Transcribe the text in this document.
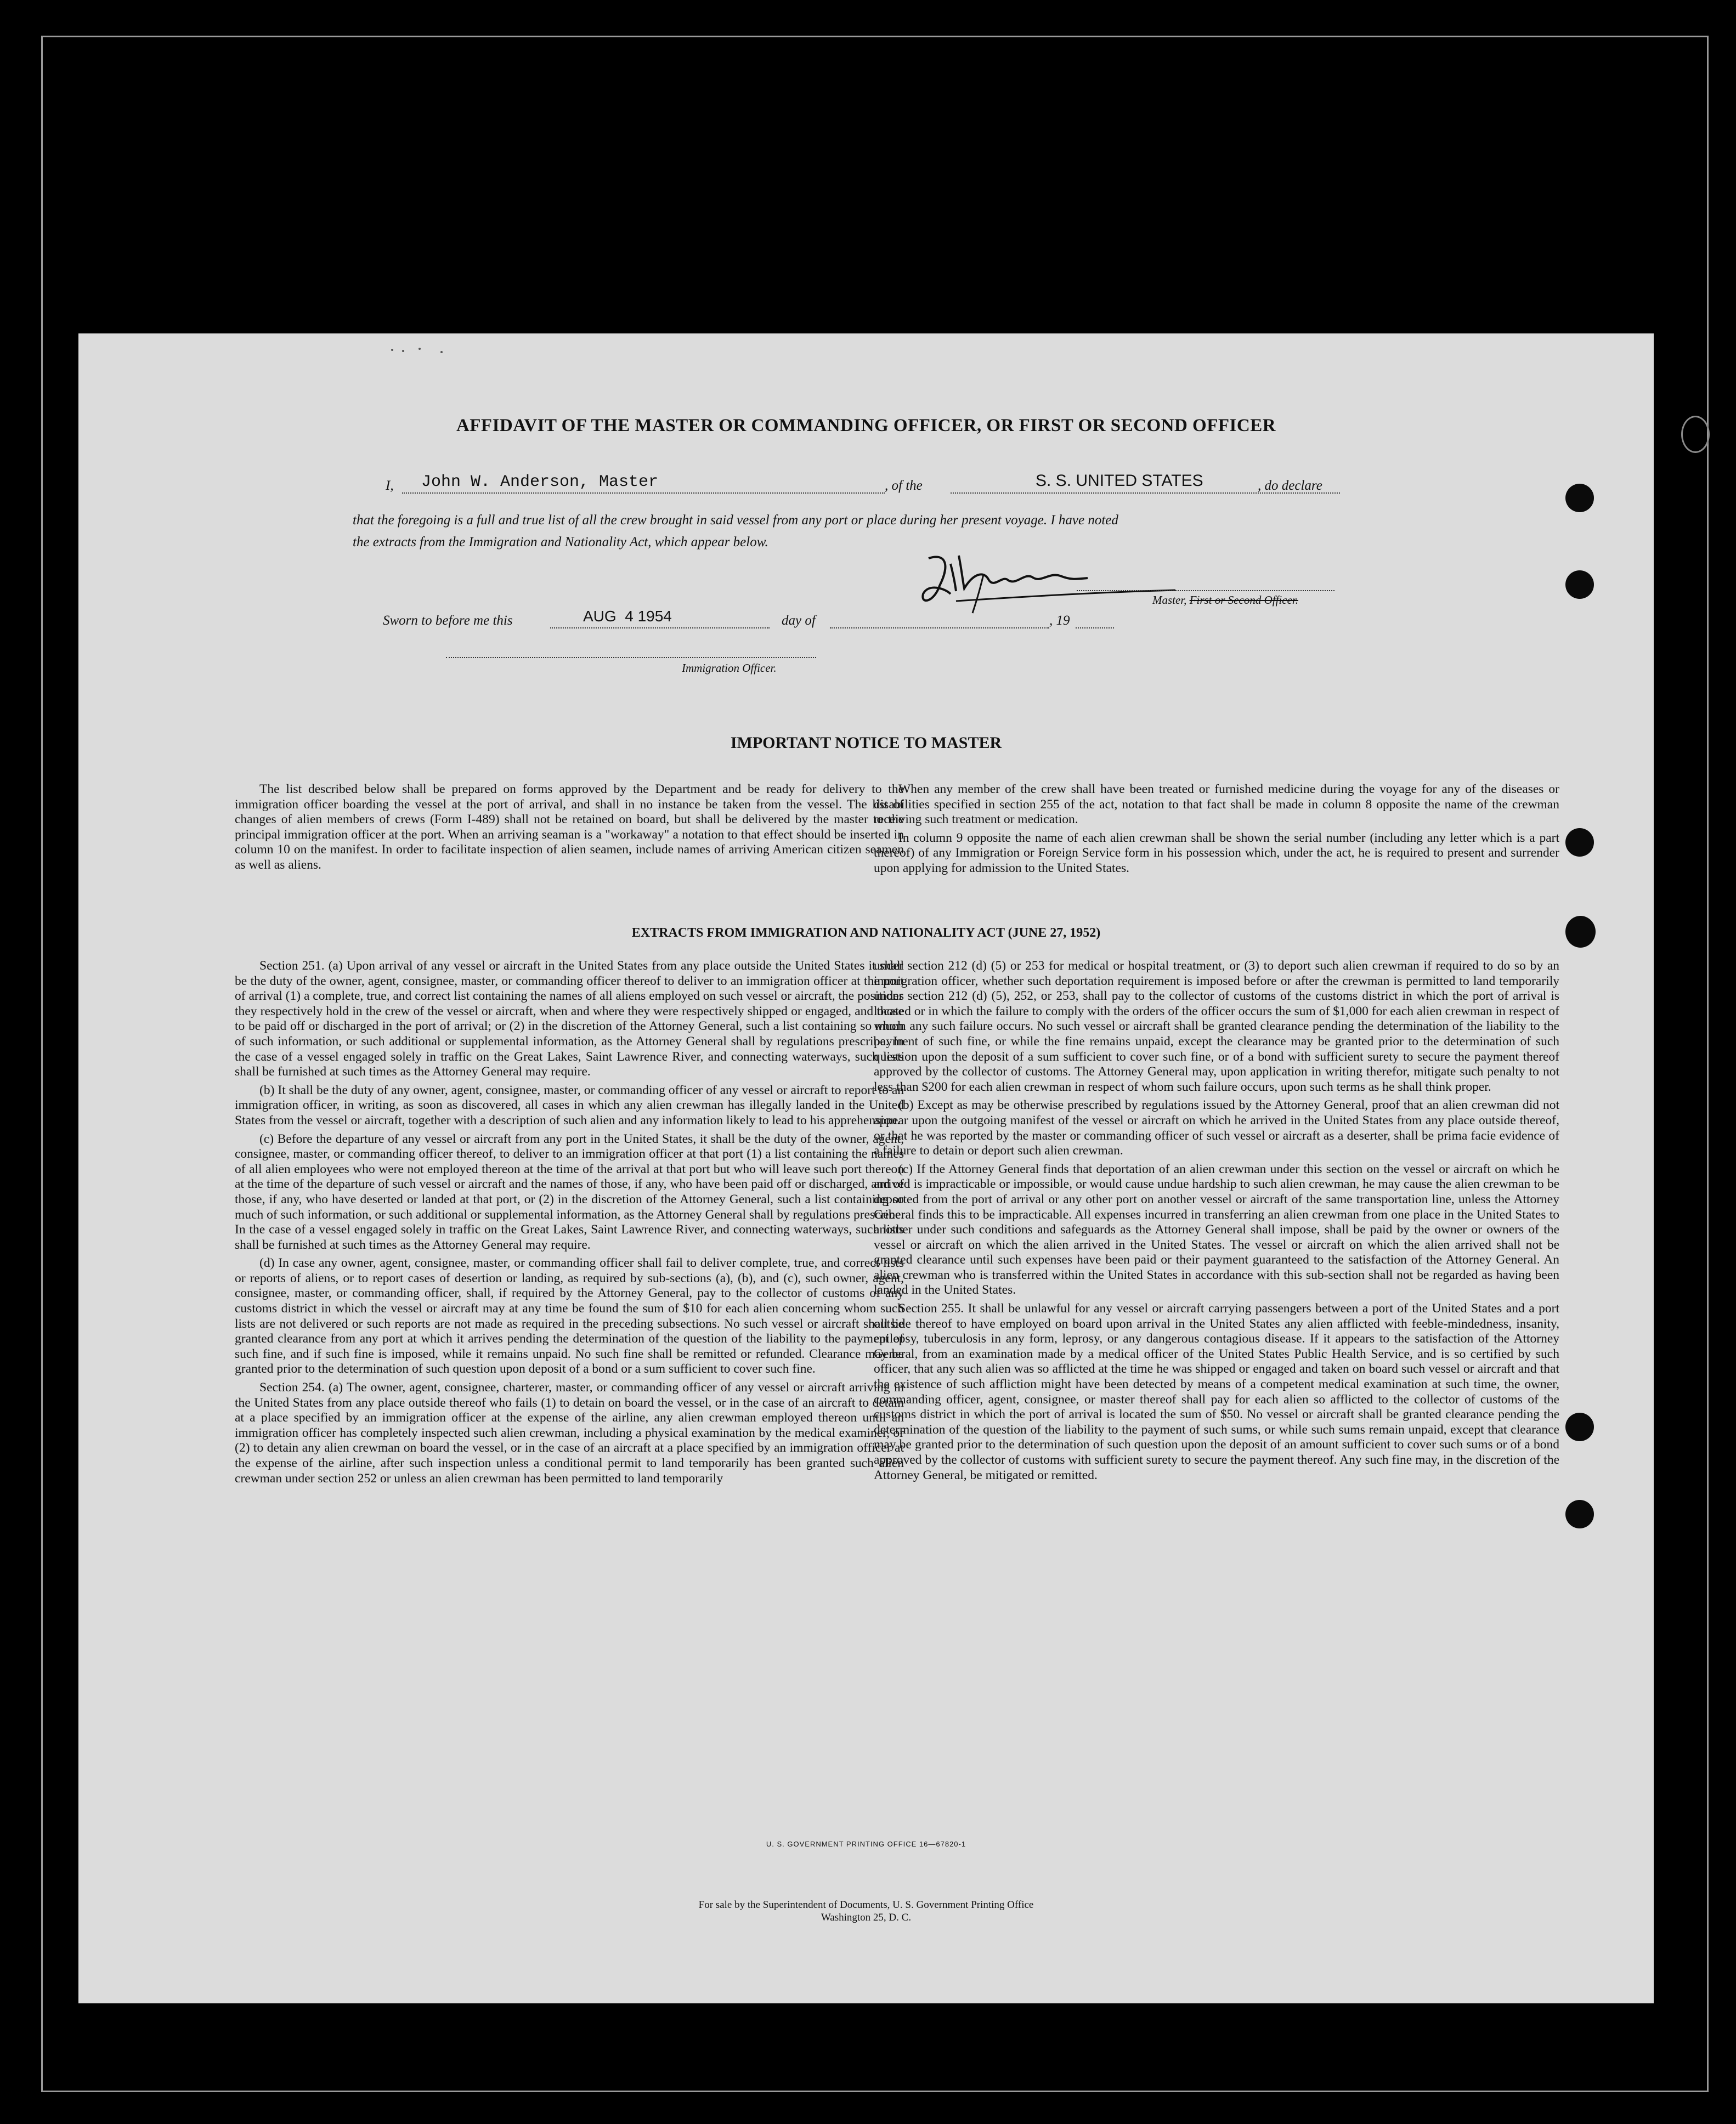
AFFIDAVIT OF THE MASTER OR COMMANDING OFFICER, OR FIRST OR SECOND OFFICER
I, John W. Anderson, Master	, of the	S. S. UNITED STATES	, do declare
that the foregoing is a full and true list of all the crew brought in said vessel from any port or place during her present voyage. I have noted
the extracts from the Immigration and Nationality Act, which appear below.
Master, First or Second Officer.
Sworn to before me this	AUG  4 1954	day of	, 19
Immigration Officer.
IMPORTANT NOTICE TO MASTER

The list described below shall be prepared on forms approved by the Department and be ready for delivery to the immigration officer boarding the vessel at the port of arrival, and shall in no instance be taken from the vessel. The list of changes of alien members of crews (Form I-489) shall not be retained on board, but shall be delivered by the master to the principal immigration officer at the port. When an arriving seaman is a "workaway" a notation to that effect should be inserted in column 10 on the manifest. In order to facilitate inspection of alien seamen, include names of arriving American citizen seamen as well as aliens.

When any member of the crew shall have been treated or furnished medicine during the voyage for any of the diseases or disabilities specified in section 255 of the act, notation to that fact shall be made in column 8 opposite the name of the crewman receiving such treatment or medication.

In column 9 opposite the name of each alien crewman shall be shown the serial number (including any letter which is a part thereof) of any Immigration or Foreign Service form in his possession which, under the act, he is required to present and surrender upon applying for admission to the United States.

EXTRACTS FROM IMMIGRATION AND NATIONALITY ACT (JUNE 27, 1952)

Section 251. (a) Upon arrival of any vessel or aircraft in the United States from any place outside the United States it shall be the duty of the owner, agent, consignee, master, or commanding officer thereof to deliver to an immigration officer at the port of arrival (1) a complete, true, and correct list containing the names of all aliens employed on such vessel or aircraft, the positions they respectively hold in the crew of the vessel or aircraft, when and where they were respectively shipped or engaged, and those to be paid off or discharged in the port of arrival; or (2) in the discretion of the Attorney General, such a list containing so much of such information, or such additional or supplemental information, as the Attorney General shall by regulations prescribe. In the case of a vessel engaged solely in traffic on the Great Lakes, Saint Lawrence River, and connecting waterways, such lists shall be furnished at such times as the Attorney General may require.

(b) It shall be the duty of any owner, agent, consignee, master, or commanding officer of any vessel or aircraft to report to an immigration officer, in writing, as soon as discovered, all cases in which any alien crewman has illegally landed in the United States from the vessel or aircraft, together with a description of such alien and any information likely to lead to his apprehension.

(c) Before the departure of any vessel or aircraft from any port in the United States, it shall be the duty of the owner, agent, consignee, master, or commanding officer thereof, to deliver to an immigration officer at that port (1) a list containing the names of all alien employees who were not employed thereon at the time of the arrival at that port but who will leave such port thereon at the time of the departure of such vessel or aircraft and the names of those, if any, who have been paid off or discharged, and of those, if any, who have deserted or landed at that port, or (2) in the discretion of the Attorney General, such a list containing so much of such information, or such additional or supplemental information, as the Attorney General shall by regulations prescribe. In the case of a vessel engaged solely in traffic on the Great Lakes, Saint Lawrence River, and connecting waterways, such lists shall be furnished at such times as the Attorney General may require.

(d) In case any owner, agent, consignee, master, or commanding officer shall fail to deliver complete, true, and correct lists or reports of aliens, or to report cases of desertion or landing, as required by sub-sections (a), (b), and (c), such owner, agent, consignee, master, or commanding officer, shall, if required by the Attorney General, pay to the collector of customs of any customs district in which the vessel or aircraft may at any time be found the sum of $10 for each alien concerning whom such lists are not delivered or such reports are not made as required in the preceding subsections. No such vessel or aircraft shall be granted clearance from any port at which it arrives pending the determination of the question of the liability to the payment of such fine, and if such fine is imposed, while it remains unpaid. No such fine shall be remitted or refunded. Clearance may be granted prior to the determination of such question upon deposit of a bond or a sum sufficient to cover such fine.

Section 254. (a) The owner, agent, consignee, charterer, master, or commanding officer of any vessel or aircraft arriving in the United States from any place outside thereof who fails (1) to detain on board the vessel, or in the case of an aircraft to detain at a place specified by an immigration officer at the expense of the airline, any alien crewman employed thereon until an immigration officer has completely inspected such alien crewman, including a physical examination by the medical examiner, or (2) to detain any alien crewman on board the vessel, or in the case of an aircraft at a place specified by an immigration officer at the expense of the airline, after such inspection unless a conditional permit to land temporarily has been granted such alien crewman under section 252 or unless an alien crewman has been permitted to land temporarily

under section 212 (d) (5) or 253 for medical or hospital treatment, or (3) to deport such alien crewman if required to do so by an immigration officer, whether such deportation requirement is imposed before or after the crewman is permitted to land temporarily under section 212 (d) (5), 252, or 253, shall pay to the collector of customs of the customs district in which the port of arrival is located or in which the failure to comply with the orders of the officer occurs the sum of $1,000 for each alien crewman in respect of whom any such failure occurs. No such vessel or aircraft shall be granted clearance pending the determination of the liability to the payment of such fine, or while the fine remains unpaid, except the clearance may be granted prior to the determination of such question upon the deposit of a sum sufficient to cover such fine, or of a bond with sufficient surety to secure the payment thereof approved by the collector of customs. The Attorney General may, upon application in writing therefor, mitigate such penalty to not less than $200 for each alien crewman in respect of whom such failure occurs, upon such terms as he shall think proper.

(b) Except as may be otherwise prescribed by regulations issued by the Attorney General, proof that an alien crewman did not appear upon the outgoing manifest of the vessel or aircraft on which he arrived in the United States from any place outside thereof, or that he was reported by the master or commanding officer of such vessel or aircraft as a deserter, shall be prima facie evidence of a failure to detain or deport such alien crewman.

(c) If the Attorney General finds that deportation of an alien crewman under this section on the vessel or aircraft on which he arrived is impracticable or impossible, or would cause undue hardship to such alien crewman, he may cause the alien crewman to be deported from the port of arrival or any other port on another vessel or aircraft of the same transportation line, unless the Attorney General finds this to be impracticable. All expenses incurred in transferring an alien crewman from one place in the United States to another under such conditions and safeguards as the Attorney General shall impose, shall be paid by the owner or owners of the vessel or aircraft on which the alien arrived in the United States. The vessel or aircraft on which the alien arrived shall not be granted clearance until such expenses have been paid or their payment guaranteed to the satisfaction of the Attorney General. An alien crewman who is transferred within the United States in accordance with this sub-section shall not be regarded as having been landed in the United States.

Section 255. It shall be unlawful for any vessel or aircraft carrying passengers between a port of the United States and a port outside thereof to have employed on board upon arrival in the United States any alien afflicted with feeble-mindedness, insanity, epilepsy, tuberculosis in any form, leprosy, or any dangerous contagious disease. If it appears to the satisfaction of the Attorney General, from an examination made by a medical officer of the United States Public Health Service, and is so certified by such officer, that any such alien was so afflicted at the time he was shipped or engaged and taken on board such vessel or aircraft and that the existence of such affliction might have been detected by means of a competent medical examination at such time, the owner, commanding officer, agent, consignee, or master thereof shall pay for each alien so afflicted to the collector of customs of the customs district in which the port of arrival is located the sum of $50. No vessel or aircraft shall be granted clearance pending the determination of the question of the liability to the payment of such sums, or while such sums remain unpaid, except that clearance may be granted prior to the determination of such question upon the deposit of an amount sufficient to cover such sums or of a bond approved by the collector of customs with sufficient surety to secure the payment thereof. Any such fine may, in the discretion of the Attorney General, be mitigated or remitted.

U. S. GOVERNMENT PRINTING OFFICE 16—67820-1
For sale by the Superintendent of Documents, U. S. Government Printing Office
Washington 25, D. C.
